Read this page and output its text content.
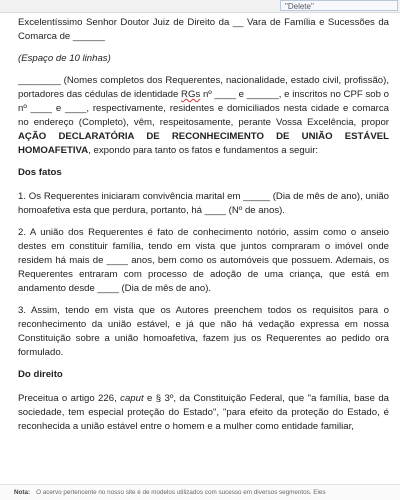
"Delete"

Excelentíssimo Senhor Doutor Juiz de Direito da __ Vara de Família e Sucessões da Comarca de ______

(Espaço de 10 linhas)

________ (Nomes completos dos Requerentes, nacionalidade, estado civil, profissão), portadores das cédulas de identidade RGs nº ____ e ______, e inscritos no CPF sob o nº ____ e ____, respectivamente, residentes e domiciliados nesta cidade e comarca no endereço (Completo), vêm, respeitosamente, perante Vossa Excelência, propor AÇÃO DECLARATÓRIA DE RECONHECIMENTO DE UNIÃO ESTÁVEL HOMOAFETIVA, expondo para tanto os fatos e fundamentos a seguir:

Dos fatos

1. Os Requerentes iniciaram convivência marital em _____ (Dia de mês de ano), união homoafetiva esta que perdura, portanto, há ____ (Nº de anos).

2. A união dos Requerentes é fato de conhecimento notório, assim como o anseio destes em constituir família, tendo em vista que juntos compraram o imóvel onde residem há mais de ____ anos, bem como os automóveis que possuem. Ademais, os Requerentes entraram com processo de adoção de uma criança, que está em andamento desde ____ (Dia de mês de ano).

3. Assim, tendo em vista que os Autores preenchem todos os requisitos para o reconhecimento da união estável, e já que não há vedação expressa em nossa Constituição sobre a união homoafetiva, fazem jus os Requerentes ao pedido ora formulado.

Do direito

Preceitua o artigo 226, caput e § 3º, da Constituição Federal, que "a família, base da sociedade, tem especial proteção do Estado", "para efeito da proteção do Estado, é reconhecida a união estável entre o homem e a mulher como entidade familiar,

Nota: O acervo pertencente no nosso site é de modelos utilizados com sucesso em diversos segmentos. Eles
